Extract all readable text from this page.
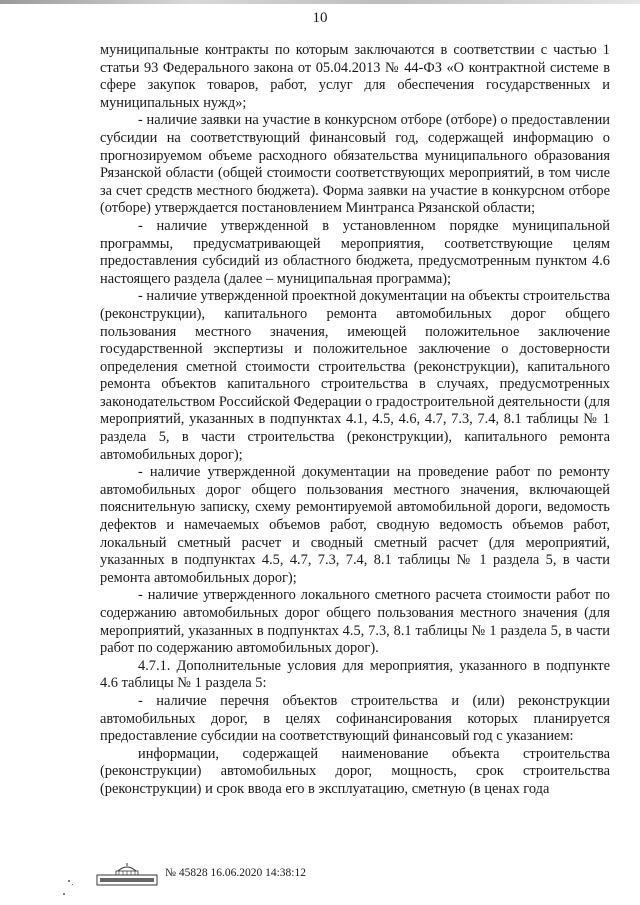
10

муниципальные контракты по которым заключаются в соответствии с частью 1 статьи 93 Федерального закона от 05.04.2013 № 44-ФЗ «О контрактной системе в сфере закупок товаров, работ, услуг для обеспечения государственных и муниципальных нужд»;

- наличие заявки на участие в конкурсном отборе (отборе) о предоставлении субсидии на соответствующий финансовый год, содержащей информацию о прогнозируемом объеме расходного обязательства муниципального образования Рязанской области (общей стоимости соответствующих мероприятий, в том числе за счет средств местного бюджета). Форма заявки на участие в конкурсном отборе (отборе) утверждается постановлением Минтранса Рязанской области;

- наличие утвержденной в установленном порядке муниципальной программы, предусматривающей мероприятия, соответствующие целям предоставления субсидий из областного бюджета, предусмотренным пунктом 4.6 настоящего раздела (далее – муниципальная программа);

- наличие утвержденной проектной документации на объекты строительства (реконструкции), капитального ремонта автомобильных дорог общего пользования местного значения, имеющей положительное заключение государственной экспертизы и положительное заключение о достоверности определения сметной стоимости строительства (реконструкции), капитального ремонта объектов капитального строительства в случаях, предусмотренных законодательством Российской Федерации о градостроительной деятельности (для мероприятий, указанных в подпунктах 4.1, 4.5, 4.6, 4.7, 7.3, 7.4, 8.1 таблицы № 1 раздела 5, в части строительства (реконструкции), капитального ремонта автомобильных дорог);

- наличие утвержденной документации на проведение работ по ремонту автомобильных дорог общего пользования местного значения, включающей пояснительную записку, схему ремонтируемой автомобильной дороги, ведомость дефектов и намечаемых объемов работ, сводную ведомость объемов работ, локальный сметный расчет и сводный сметный расчет (для мероприятий, указанных в подпунктах 4.5, 4.7, 7.3, 7.4, 8.1 таблицы № 1 раздела 5, в части ремонта автомобильных дорог);

- наличие утвержденного локального сметного расчета стоимости работ по содержанию автомобильных дорог общего пользования местного значения (для мероприятий, указанных в подпунктах 4.5, 7.3, 8.1 таблицы № 1 раздела 5, в части работ по содержанию автомобильных дорог).

4.7.1. Дополнительные условия для мероприятия, указанного в подпункте 4.6 таблицы № 1 раздела 5:

- наличие перечня объектов строительства и (или) реконструкции автомобильных дорог, в целях софинансирования которых планируется предоставление субсидии на соответствующий финансовый год с указанием:

информации, содержащей наименование объекта строительства (реконструкции) автомобильных дорог, мощность, срок строительства (реконструкции) и срок ввода его в эксплуатацию, сметную (в ценах года

№ 45828 16.06.2020 14:38:12
